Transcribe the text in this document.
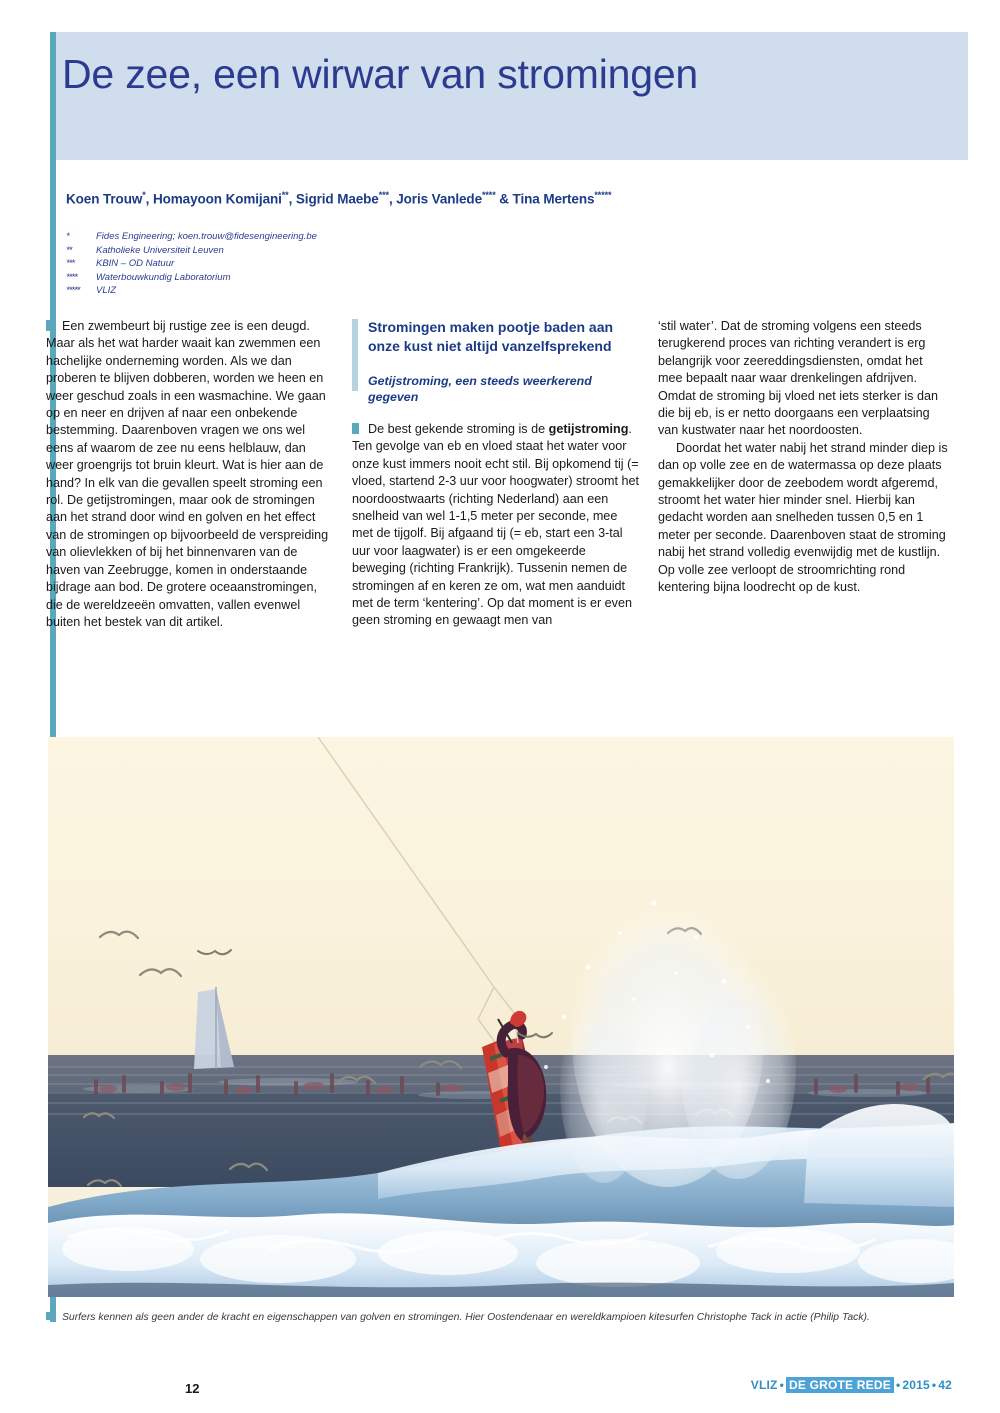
De zee, een wirwar van stromingen
Koen Trouw*, Homayoon Komijani**, Sigrid Maebe***, Joris Vanlede**** & Tina Mertens*****
*	Fides Engineering; koen.trouw@fidesengineering.be
**	Katholieke Universiteit Leuven
***	KBIN – OD Natuur
****	Waterbouwkundig Laboratorium
*****	VLIZ

Een zwembeurt bij rustige zee is een deugd. Maar als het wat harder waait kan zwemmen een hachelijke onderneming worden. Als we dan proberen te blijven dobberen, worden we heen en weer geschud zoals in een wasmachine. We gaan op en neer en drijven af naar een onbekende bestemming. Daarenboven vragen we ons wel eens af waarom de zee nu eens helblauw, dan weer groengrijs tot bruin kleurt. Wat is hier aan de hand? In elk van die gevallen speelt stroming een rol. De getijstromingen, maar ook de stromingen aan het strand door wind en golven en het effect van de stromingen op bijvoorbeeld de verspreiding van olievlekken of bij het binnenvaren van de haven van Zeebrugge, komen in onderstaande bijdrage aan bod. De grotere oceaanstromingen, die de wereldzeeën omvatten, vallen evenwel buiten het bestek van dit artikel.

Stromingen maken pootje baden aan onze kust niet altijd vanzelfsprekend
Getijstroming, een steeds weerkerend gegeven

De best gekende stroming is de getijstroming. Ten gevolge van eb en vloed staat het water voor onze kust immers nooit echt stil. Bij opkomend tij (= vloed, startend 2-3 uur voor hoogwater) stroomt het noordoostwaarts (richting Nederland) aan een snelheid van wel 1-1,5 meter per seconde, mee met de tijgolf. Bij afgaand tij (= eb, start een 3-tal uur voor laagwater) is er een omgekeerde beweging (richting Frankrijk). Tussenin nemen de stromingen af en keren ze om, wat men aanduidt met de term ‘kentering’. Op dat moment is er even geen stroming en gewaagt men van

‘stil water’. Dat de stroming volgens een steeds terugkerend proces van richting verandert is erg belangrijk voor zeereddingsdiensten, omdat het mee bepaalt naar waar drenkelingen afdrijven. Omdat de stroming bij vloed net iets sterker is dan die bij eb, is er netto doorgaans een verplaatsing van kustwater naar het noordoosten.

Doordat het water nabij het strand minder diep is dan op volle zee en de watermassa op deze plaats gemakkelijker door de zeebodem wordt afgeremd, stroomt het water hier minder snel. Hierbij kan gedacht worden aan snelheden tussen 0,5 en 1 meter per seconde. Daarenboven staat de stroming nabij het strand volledig evenwijdig met de kustlijn. Op volle zee verloopt de stroomrichting rond kentering bijna loodrecht op de kust.

Surfers kennen als geen ander de kracht en eigenschappen van golven en stromingen. Hier Oostendenaar en wereldkampioen kitesurfen Christophe Tack in actie (Philip Tack).
12	VLIZ • DE GROTE REDE • 2015 • 42
